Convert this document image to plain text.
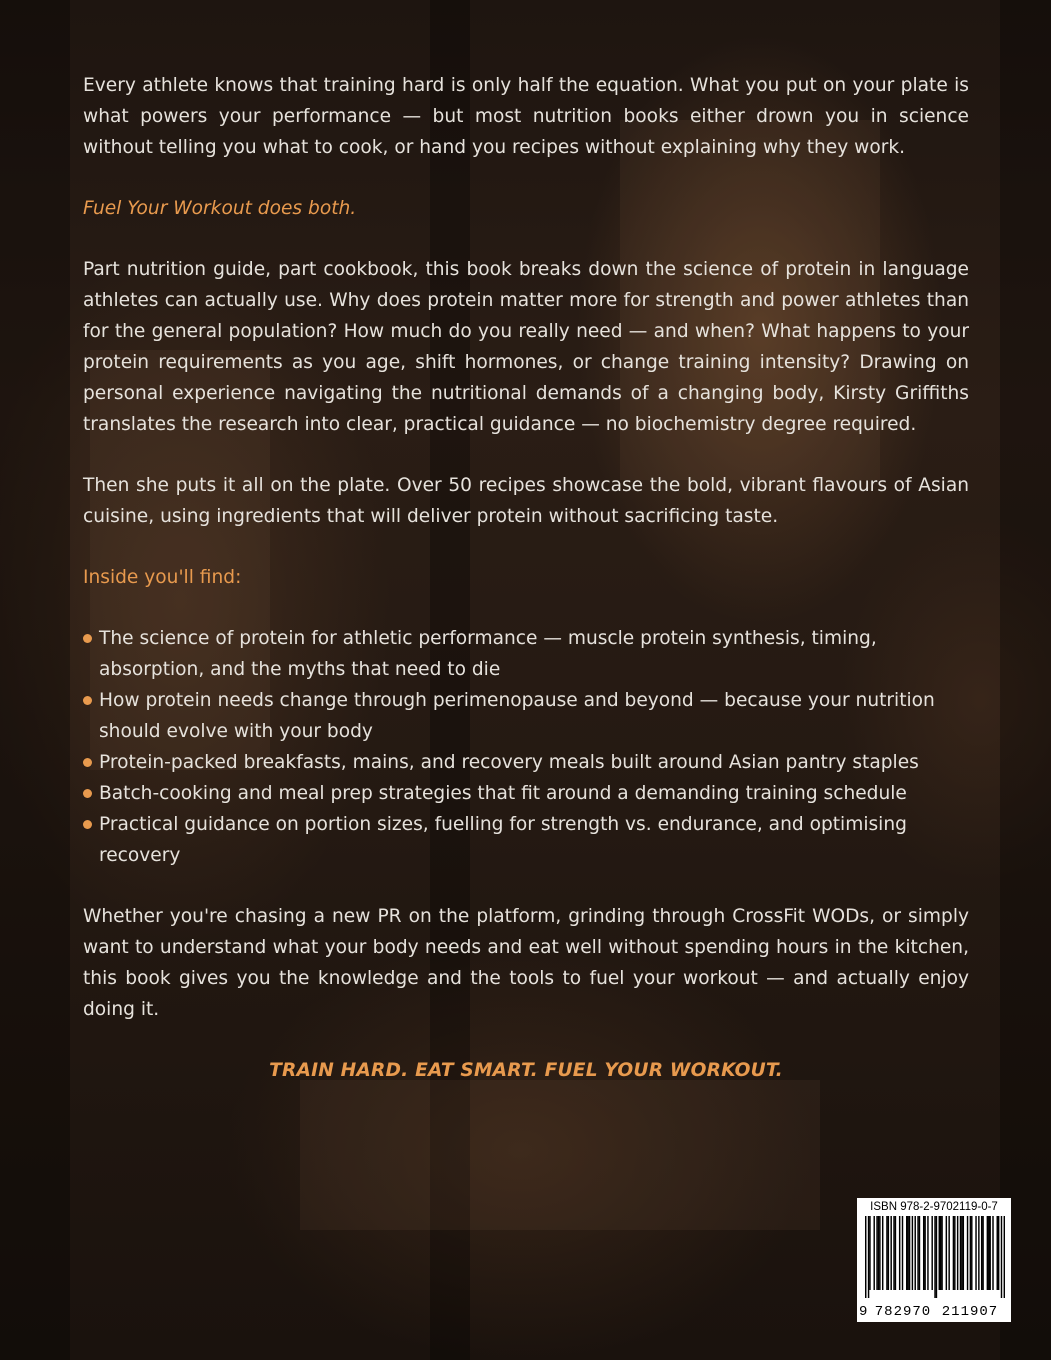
Every athlete knows that training hard is only half the equation. What you put on your plate is what powers your performance — but most nutrition books either drown you in science without telling you what to cook, or hand you recipes without explaining why they work.

Fuel Your Workout does both.

Part nutrition guide, part cookbook, this book breaks down the science of protein in language athletes can actually use. Why does protein matter more for strength and power athletes than for the general population? How much do you really need — and when? What happens to your protein requirements as you age, shift hormones, or change training intensity? Drawing on personal experience navigating the nutritional demands of a changing body, Kirsty Griffiths translates the research into clear, practical guidance — no biochemistry degree required.

Then she puts it all on the plate. Over 50 recipes showcase the bold, vibrant flavours of Asian cuisine, using ingredients that will deliver protein without sacrificing taste.

Inside you'll find:

The science of protein for athletic performance — muscle protein synthesis, timing, absorption, and the myths that need to die
How protein needs change through perimenopause and beyond — because your nutrition should evolve with your body
Protein-packed breakfasts, mains, and recovery meals built around Asian pantry staples
Batch-cooking and meal prep strategies that fit around a demanding training schedule
Practical guidance on portion sizes, fuelling for strength vs. endurance, and optimising recovery

Whether you're chasing a new PR on the platform, grinding through CrossFit WODs, or simply want to understand what your body needs and eat well without spending hours in the kitchen, this book gives you the knowledge and the tools to fuel your workout — and actually enjoy doing it.

TRAIN HARD. EAT SMART. FUEL YOUR WORKOUT.
ISBN 978-2-9702119-0-7
9 782970 211907
